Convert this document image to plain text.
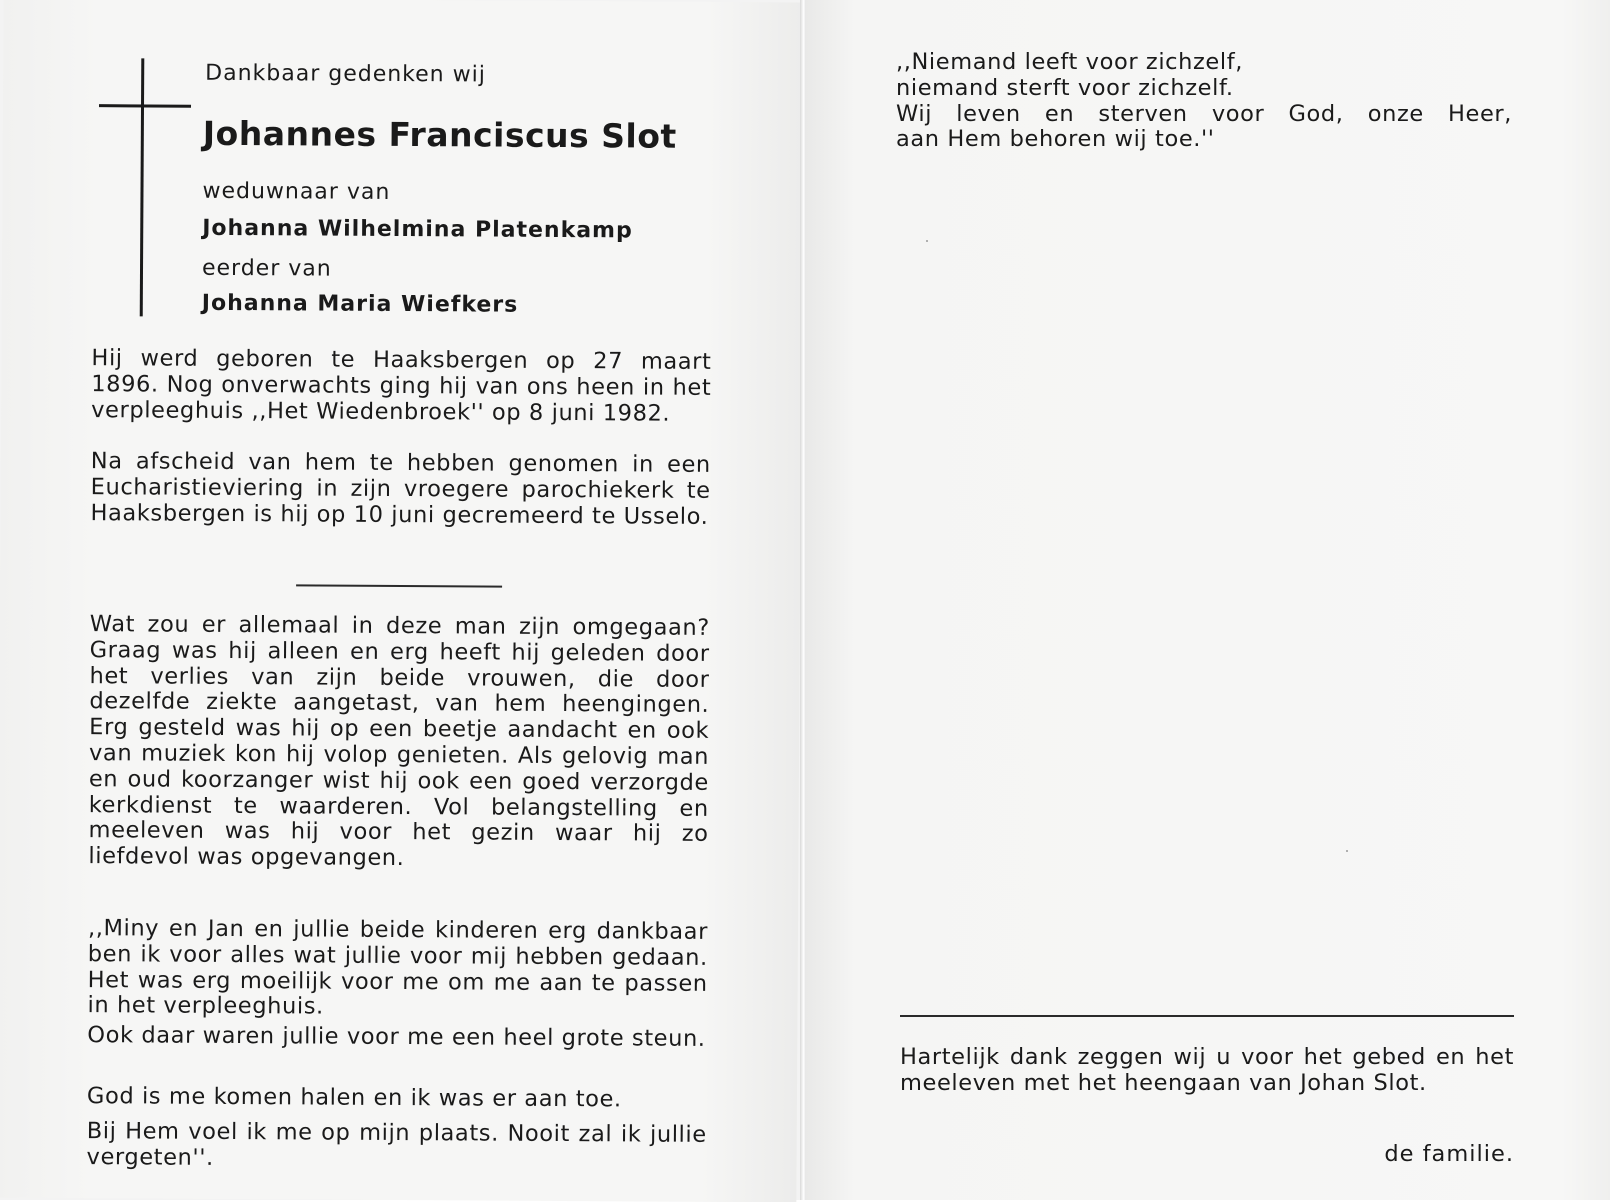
Dankbaar gedenken wij
Johannes Franciscus Slot
weduwnaar van
Johanna Wilhelmina Platenkamp
eerder van
Johanna Maria Wiefkers

Hij werd geboren te Haaksbergen op 27 maart 1896. Nog onverwachts ging hij van ons heen in het verpleeghuis ,,Het Wiedenbroek'' op 8 juni 1982.

Na afscheid van hem te hebben genomen in een Eucharistieviering in zijn vroegere parochiekerk te Haaksbergen is hij op 10 juni gecremeerd te Usselo.

Wat zou er allemaal in deze man zijn omgegaan? Graag was hij alleen en erg heeft hij geleden door het verlies van zijn beide vrouwen, die door dezelfde ziekte aangetast, van hem heengingen. Erg gesteld was hij op een beetje aandacht en ook van muziek kon hij volop genieten. Als gelovig man en oud koorzanger wist hij ook een goed verzorgde kerkdienst te waarderen. Vol belangstelling en meeleven was hij voor het gezin waar hij zo liefdevol was opgevangen.

,,Miny en Jan en jullie beide kinderen erg dankbaar ben ik voor alles wat jullie voor mij hebben gedaan. Het was erg moeilijk voor me om me aan te passen in het verpleeghuis.

Ook daar waren jullie voor me een heel grote steun.

God is me komen halen en ik was er aan toe.

Bij Hem voel ik me op mijn plaats. Nooit zal ik jullie vergeten''.

,,Niemand leeft voor zichzelf,
niemand sterft voor zichzelf.
Wij leven en sterven voor God, onze Heer,
aan Hem behoren wij toe.''

Hartelijk dank zeggen wij u voor het gebed en het meeleven met het heengaan van Johan Slot.

de familie.
